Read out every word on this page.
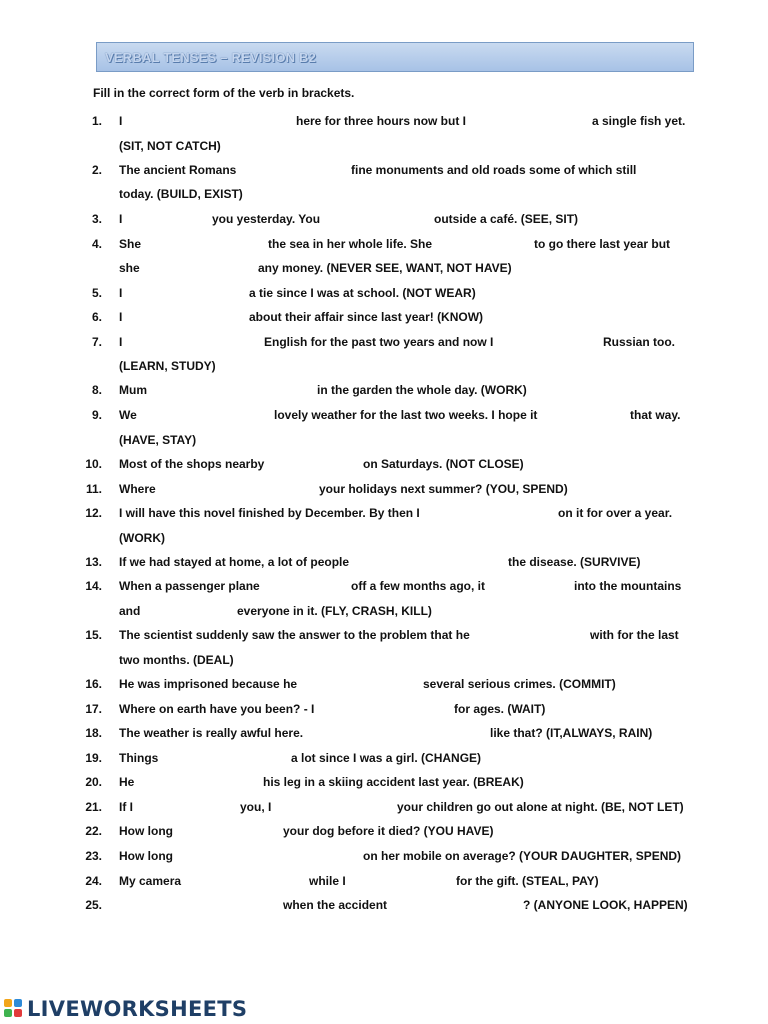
VERBAL TENSES – REVISION B2
Fill in the correct form of the verb in brackets.
1. I	here for three hours now but I	a single fish yet.
(SIT, NOT CATCH)
2. The ancient Romans	fine monuments and old roads some of which still
today. (BUILD, EXIST)
3. I	you yesterday. You	outside a café. (SEE, SIT)
4. She	the sea in her whole life. She	to go there last year but
she	any money. (NEVER SEE, WANT, NOT HAVE)
5. I	a tie since I was at school. (NOT WEAR)
6. I	about their affair since last year! (KNOW)
7. I	English for the past two years and now I	Russian too.
(LEARN, STUDY)
8. Mum	in the garden the whole day. (WORK)
9. We	lovely weather for the last two weeks. I hope it	that way.
(HAVE, STAY)
10. Most of the shops nearby	on Saturdays. (NOT CLOSE)
11. Where	your holidays next summer? (YOU, SPEND)
12. I will have this novel finished by December. By then I	on it for over a year.
(WORK)
13. If we had stayed at home, a lot of people	the disease. (SURVIVE)
14. When a passenger plane	off a few months ago, it	into the mountains
and	everyone in it. (FLY, CRASH, KILL)
15. The scientist suddenly saw the answer to the problem that he	with for the last
two months. (DEAL)
16. He was imprisoned because he	several serious crimes. (COMMIT)
17. Where on earth have you been? - I	for ages. (WAIT)
18. The weather is really awful here.	like that? (IT,ALWAYS, RAIN)
19. Things	a lot since I was a girl. (CHANGE)
20. He	his leg in a skiing accident last year. (BREAK)
21. If I	you, I	your children go out alone at night. (BE, NOT LET)
22. How long	your dog before it died? (YOU HAVE)
23. How long	on her mobile on average? (YOUR DAUGHTER, SPEND)
24. My camera	while I	for the gift. (STEAL, PAY)
25.	when the accident	? (ANYONE LOOK, HAPPEN)
LIVEWORKSHEETS
